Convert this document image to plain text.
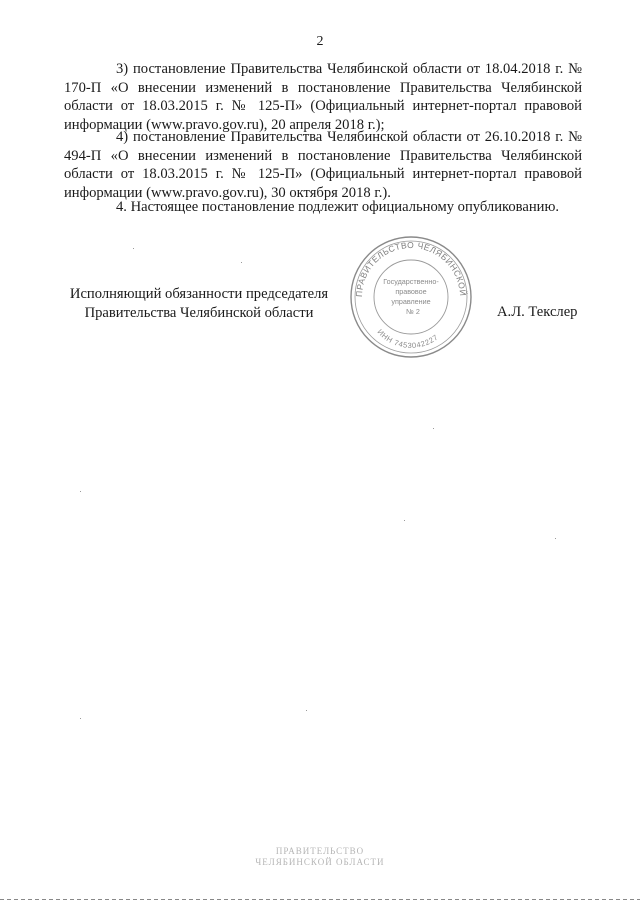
2

3) постановление Правительства Челябинской области от 18.04.2018 г. № 170-П «О внесении изменений в постановление Правительства Челябинской области от 18.03.2015 г. № 125-П» (Официальный интернет-портал правовой информации (www.pravo.gov.ru), 20 апреля 2018 г.);

4) постановление Правительства Челябинской области от 26.10.2018 г. № 494-П «О внесении изменений в постановление Правительства Челябинской области от 18.03.2015 г. № 125-П» (Официальный интернет-портал правовой информации (www.pravo.gov.ru), 30 октября 2018 г.).

4. Настоящее постановление подлежит официальному опубликованию.

Исполняющий обязанности председателя
Правительства Челябинской области
ПРАВИТЕЛЬСТВО ЧЕЛЯБИНСКОЙ
ИНН 7453042227
Государственно-
правовое
управление
№ 2	А.Л. Текслер
ПРАВИТЕЛЬСТВО
ЧЕЛЯБИНСКОЙ ОБЛАСТИ
